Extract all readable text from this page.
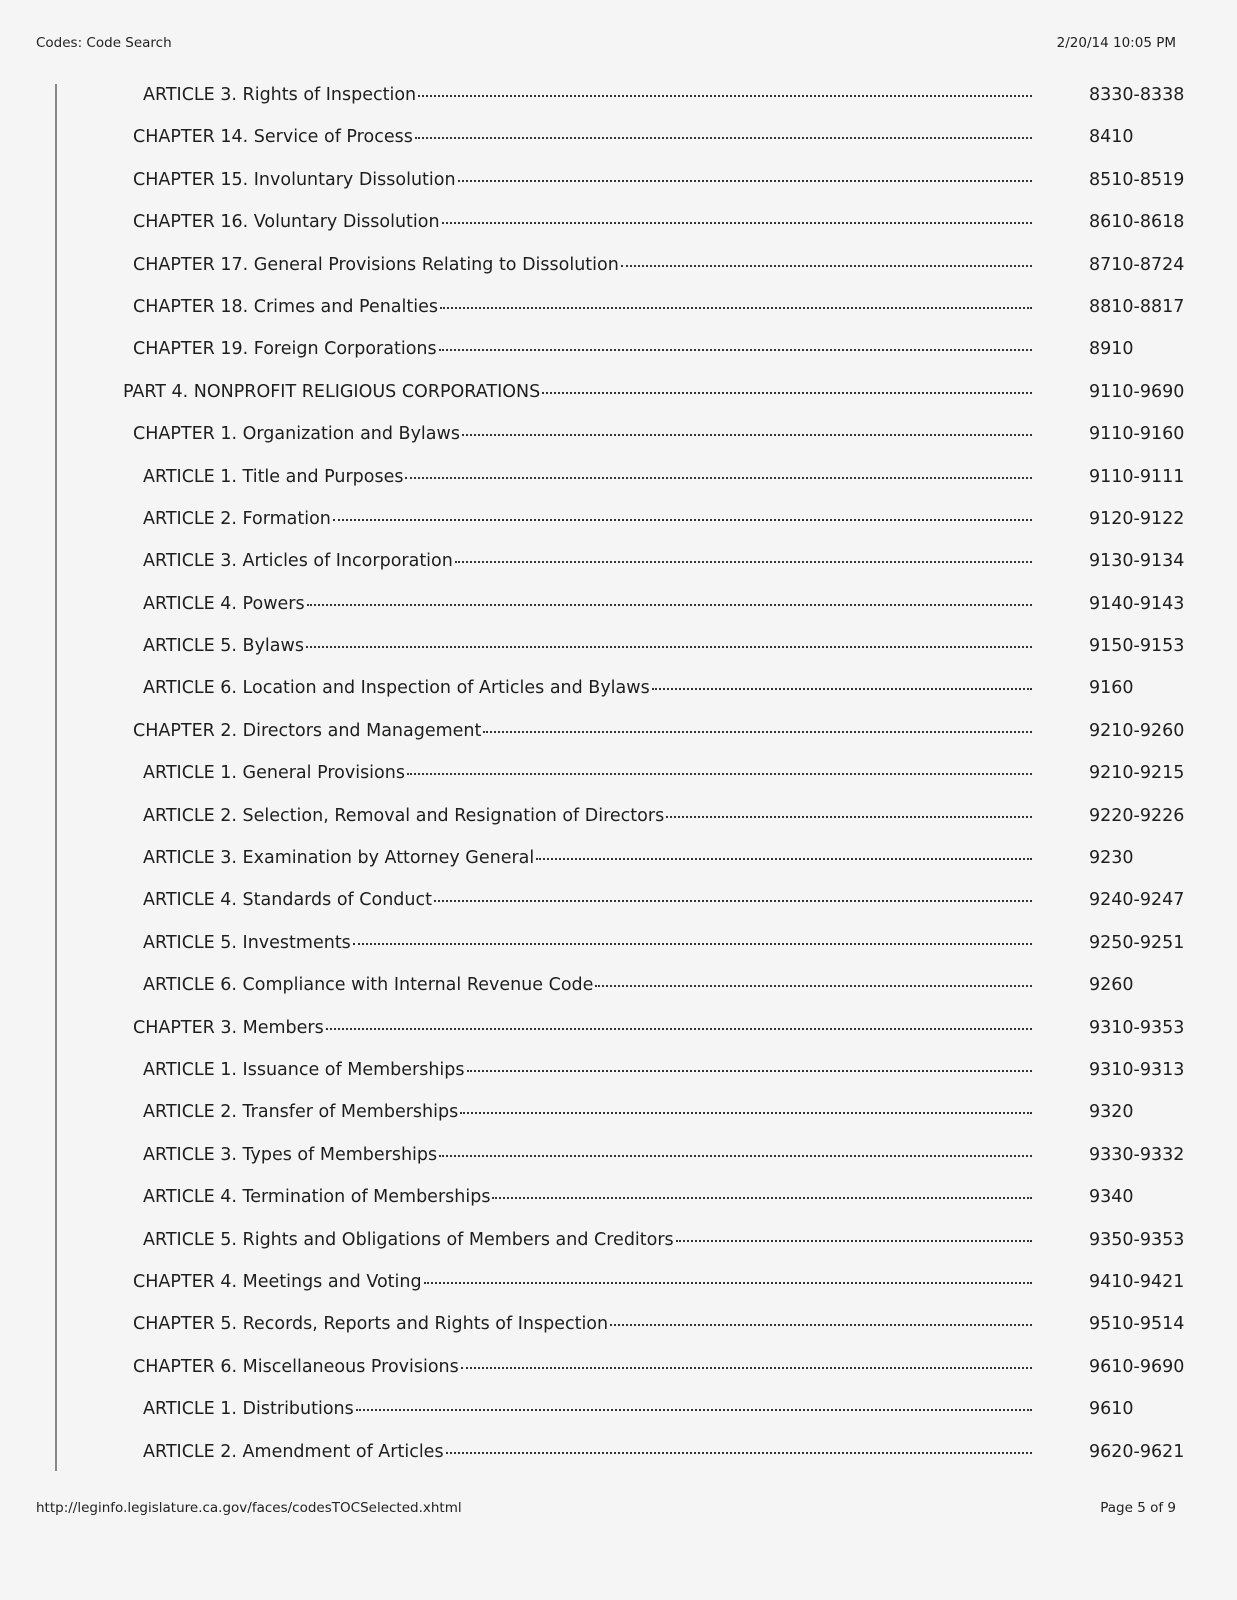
Codes: Code Search	2/20/14 10:05 PM
ARTICLE 3. Rights of Inspection	8330-8338
CHAPTER 14. Service of Process	8410
CHAPTER 15. Involuntary Dissolution	8510-8519
CHAPTER 16. Voluntary Dissolution	8610-8618
CHAPTER 17. General Provisions Relating to Dissolution	8710-8724
CHAPTER 18. Crimes and Penalties	8810-8817
CHAPTER 19. Foreign Corporations	8910
PART 4. NONPROFIT RELIGIOUS CORPORATIONS	9110-9690
CHAPTER 1. Organization and Bylaws	9110-9160
ARTICLE 1. Title and Purposes	9110-9111
ARTICLE 2. Formation	9120-9122
ARTICLE 3. Articles of Incorporation	9130-9134
ARTICLE 4. Powers	9140-9143
ARTICLE 5. Bylaws	9150-9153
ARTICLE 6. Location and Inspection of Articles and Bylaws	9160
CHAPTER 2. Directors and Management	9210-9260
ARTICLE 1. General Provisions	9210-9215
ARTICLE 2. Selection, Removal and Resignation of Directors	9220-9226
ARTICLE 3. Examination by Attorney General	9230
ARTICLE 4. Standards of Conduct	9240-9247
ARTICLE 5. Investments	9250-9251
ARTICLE 6. Compliance with Internal Revenue Code	9260
CHAPTER 3. Members	9310-9353
ARTICLE 1. Issuance of Memberships	9310-9313
ARTICLE 2. Transfer of Memberships	9320
ARTICLE 3. Types of Memberships	9330-9332
ARTICLE 4. Termination of Memberships	9340
ARTICLE 5. Rights and Obligations of Members and Creditors	9350-9353
CHAPTER 4. Meetings and Voting	9410-9421
CHAPTER 5. Records, Reports and Rights of Inspection	9510-9514
CHAPTER 6. Miscellaneous Provisions	9610-9690
ARTICLE 1. Distributions	9610
ARTICLE 2. Amendment of Articles	9620-9621
http://leginfo.legislature.ca.gov/faces/codesTOCSelected.xhtml	Page 5 of 9
